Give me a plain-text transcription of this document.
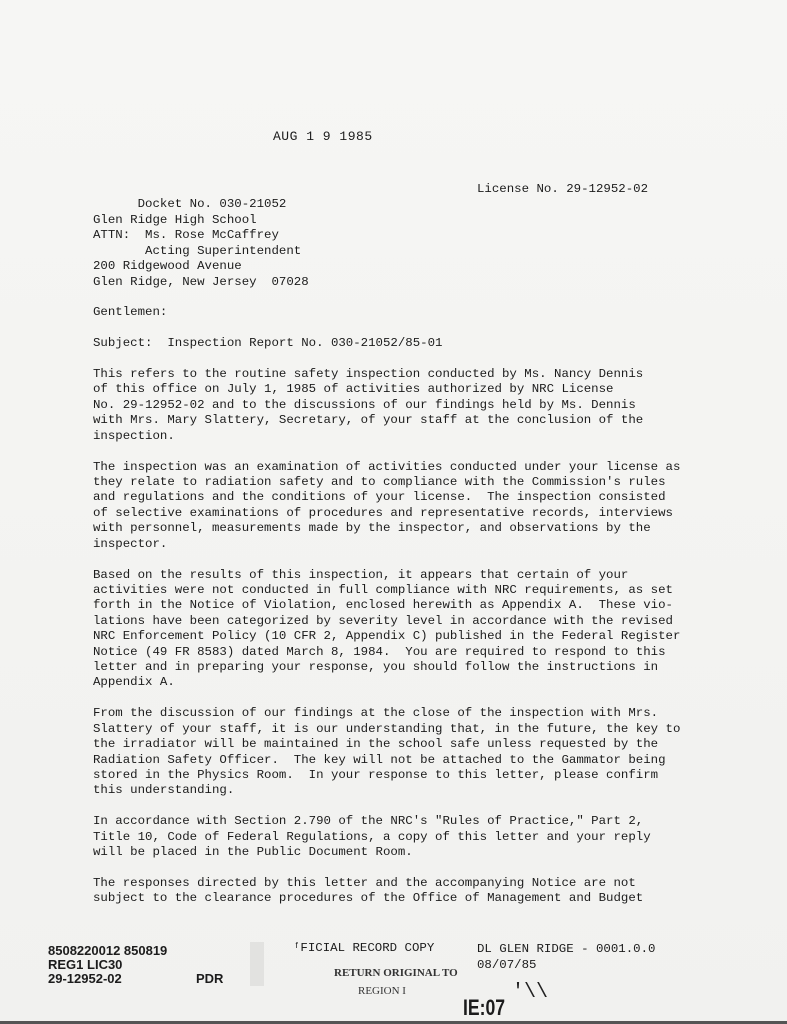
AUG 1 9 1985

Docket No. 030-21052

License No. 29-12952-02

Glen Ridge High School
ATTN:  Ms. Rose McCaffrey
Acting Superintendent
200 Ridgewood Avenue
Glen Ridge, New Jersey  07028
Gentlemen:
Subject:  Inspection Report No. 030-21052/85-01
This refers to the routine safety inspection conducted by Ms. Nancy Dennis
of this office on July 1, 1985 of activities authorized by NRC License
No. 29-12952-02 and to the discussions of our findings held by Ms. Dennis
with Mrs. Mary Slattery, Secretary, of your staff at the conclusion of the
inspection.
The inspection was an examination of activities conducted under your license as
they relate to radiation safety and to compliance with the Commission's rules
and regulations and the conditions of your license.  The inspection consisted
of selective examinations of procedures and representative records, interviews
with personnel, measurements made by the inspector, and observations by the
inspector.
Based on the results of this inspection, it appears that certain of your
activities were not conducted in full compliance with NRC requirements, as set
forth in the Notice of Violation, enclosed herewith as Appendix A.  These vio-
lations have been categorized by severity level in accordance with the revised
NRC Enforcement Policy (10 CFR 2, Appendix C) published in the Federal Register
Notice (49 FR 8583) dated March 8, 1984.  You are required to respond to this
letter and in preparing your response, you should follow the instructions in
Appendix A.
From the discussion of our findings at the close of the inspection with Mrs.
Slattery of your staff, it is our understanding that, in the future, the key to
the irradiator will be maintained in the school safe unless requested by the
Radiation Safety Officer.  The key will not be attached to the Gammator being
stored in the Physics Room.  In your response to this letter, please confirm
this understanding.
In accordance with Section 2.790 of the NRC's "Rules of Practice," Part 2,
Title 10, Code of Federal Regulations, a copy of this letter and your reply
will be placed in the Public Document Room.
The responses directed by this letter and the accompanying Notice are not
subject to the clearance procedures of the Office of Management and Budget
8508220012 850819
REG1 LIC30
29-12952-02	PDR
ᶠFICIAL RECORD COPY	DL GLEN RIDGE - 0001.0.0
08/07/85
RETURN ORIGINAL TO
REGION I
IE:07
'\\
